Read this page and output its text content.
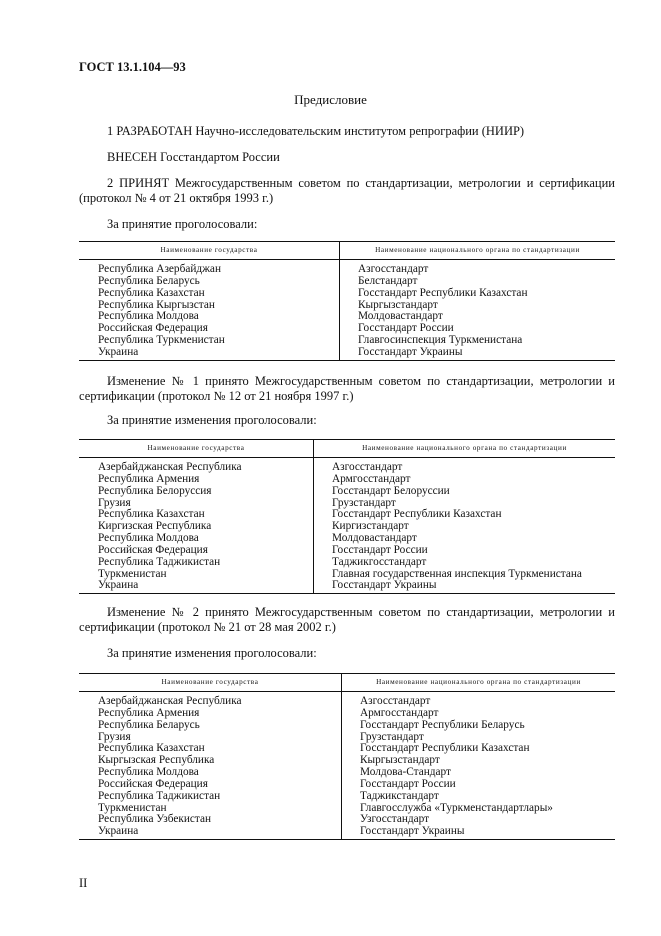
ГОСТ 13.1.104—93
Предисловие
1 РАЗРАБОТАН Научно-исследовательским институтом репрографии (НИИР)
ВНЕСЕН Госстандартом России
2 ПРИНЯТ Межгосударственным советом по стандартизации, метрологии и сертификации (протокол № 4 от 21 октября 1993 г.)
За принятие проголосовали:
Наименование государства	Наименование национального органа по стандартизации
Республика Азербайджан	Азгосстандарт
Республика Беларусь	Белстандарт
Республика Казахстан	Госстандарт Республики Казахстан
Республика Кыргызстан	Кыргызстандарт
Республика Молдова	Молдовастандарт
Российская Федерация	Госстандарт России
Республика Туркменистан	Главгосинспекция Туркменистана
Украина	Госстандарт Украины
Изменение № 1 принято Межгосударственным советом по стандартизации, метрологии и сертификации (протокол № 12 от 21 ноября 1997 г.)
За принятие изменения проголосовали:
Наименование государства	Наименование национального органа по стандартизации
Азербайджанская Республика	Азгосстандарт
Республика Армения	Армгосстандарт
Республика Белоруссия	Госстандарт Белоруссии
Грузия	Грузстандарт
Республика Казахстан	Госстандарт Республики Казахстан
Киргизская Республика	Киргизстандарт
Республика Молдова	Молдовастандарт
Российская Федерация	Госстандарт России
Республика Таджикистан	Таджикгосстандарт
Туркменистан	Главная государственная инспекция Туркменистана
Украина	Госстандарт Украины
Изменение № 2 принято Межгосударственным советом по стандартизации, метрологии и сертификации (протокол № 21 от 28 мая 2002 г.)
За принятие изменения проголосовали:
Наименование государства	Наименование национального органа по стандартизации
Азербайджанская Республика	Азгосстандарт
Республика Армения	Армгосстандарт
Республика Беларусь	Госстандарт Республики Беларусь
Грузия	Грузстандарт
Республика Казахстан	Госстандарт Республики Казахстан
Кыргызская Республика	Кыргызстандарт
Республика Молдова	Молдова-Стандарт
Российская Федерация	Госстандарт России
Республика Таджикистан	Таджикстандарт
Туркменистан	Главгосслужба «Туркменстандартлары»
Республика Узбекистан	Узгосстандарт
Украина	Госстандарт Украины
II
